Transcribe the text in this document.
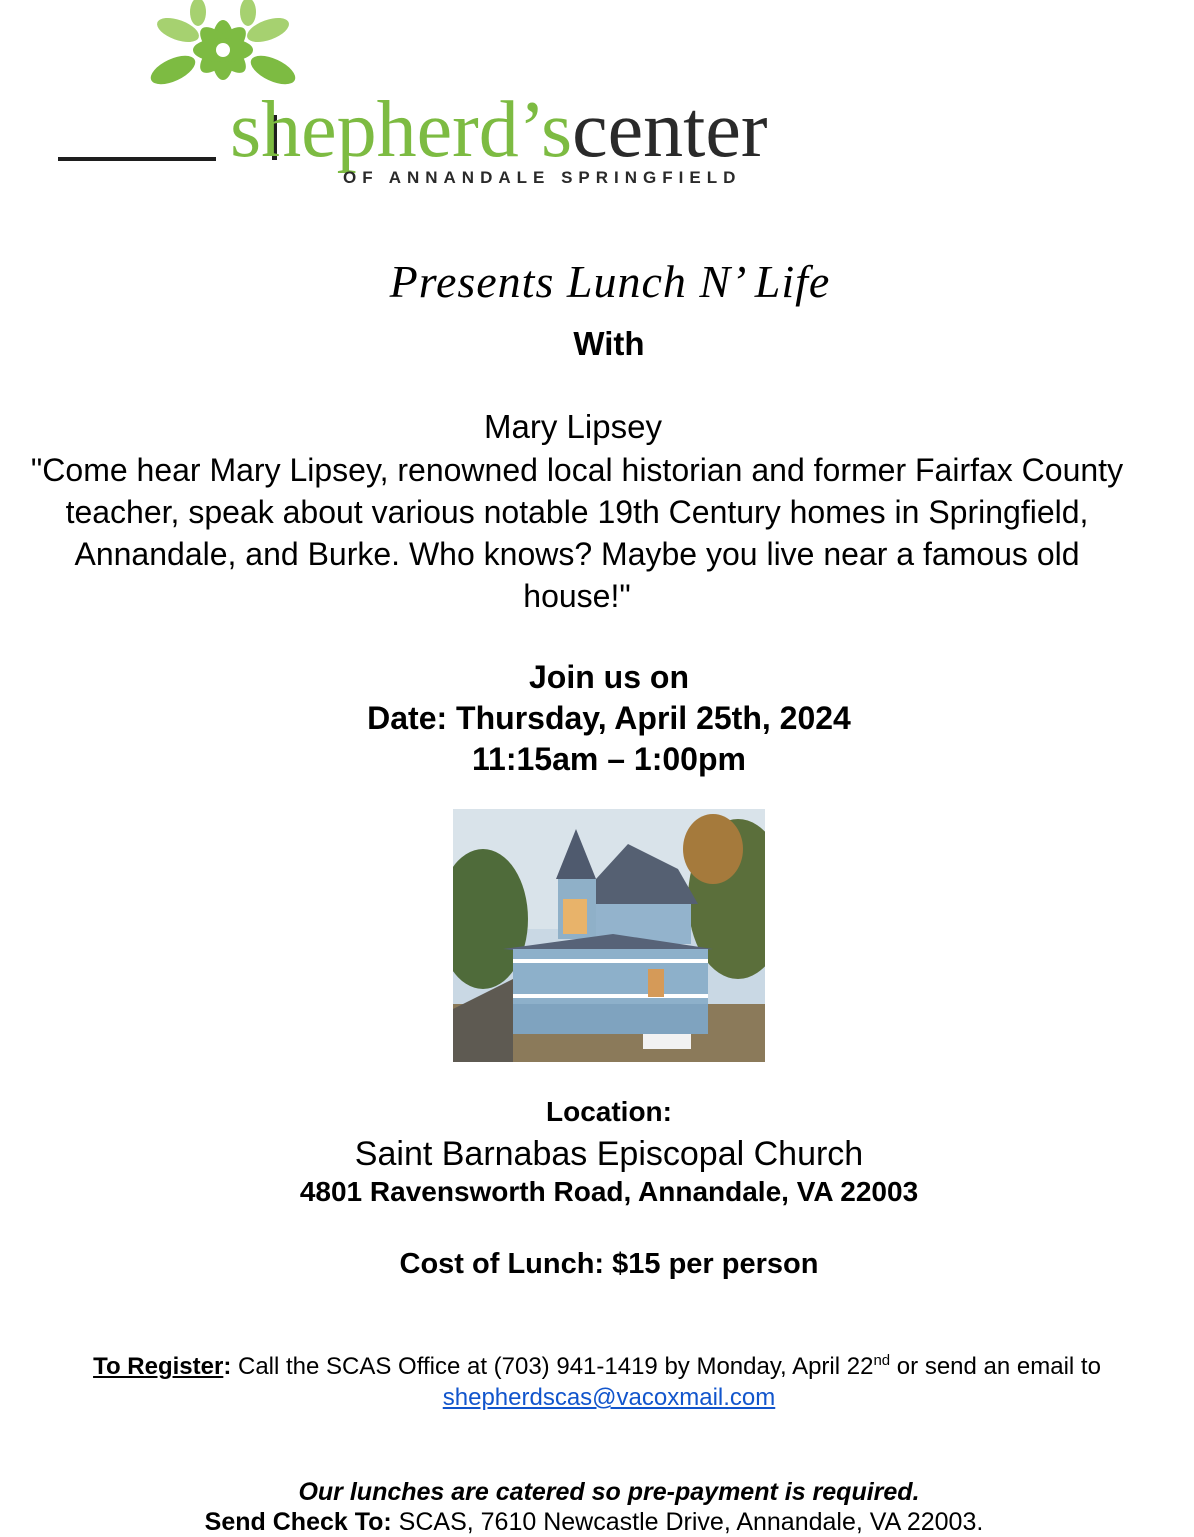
shepherd’scenter
OF ANNANDALE SPRINGFIELD
Presents Lunch N’ Life
With
Mary Lipsey
"Come hear Mary Lipsey, renowned local historian and former Fairfax County teacher, speak about various notable 19th Century homes in Springfield, Annandale, and Burke. Who knows? Maybe you live near a famous old house!"
Join us on
Date: Thursday, April 25th, 2024
11:15am – 1:00pm
Location:
Saint Barnabas Episcopal Church
4801 Ravensworth Road, Annandale, VA 22003
Cost of Lunch: $15 per person
To Register: Call the SCAS Office at (703) 941-1419 by Monday, April 22nd or send an email to
shepherdscas@vacoxmail.com
Our lunches are catered so pre-payment is required.
Send Check To: SCAS, 7610 Newcastle Drive, Annandale, VA 22003.
